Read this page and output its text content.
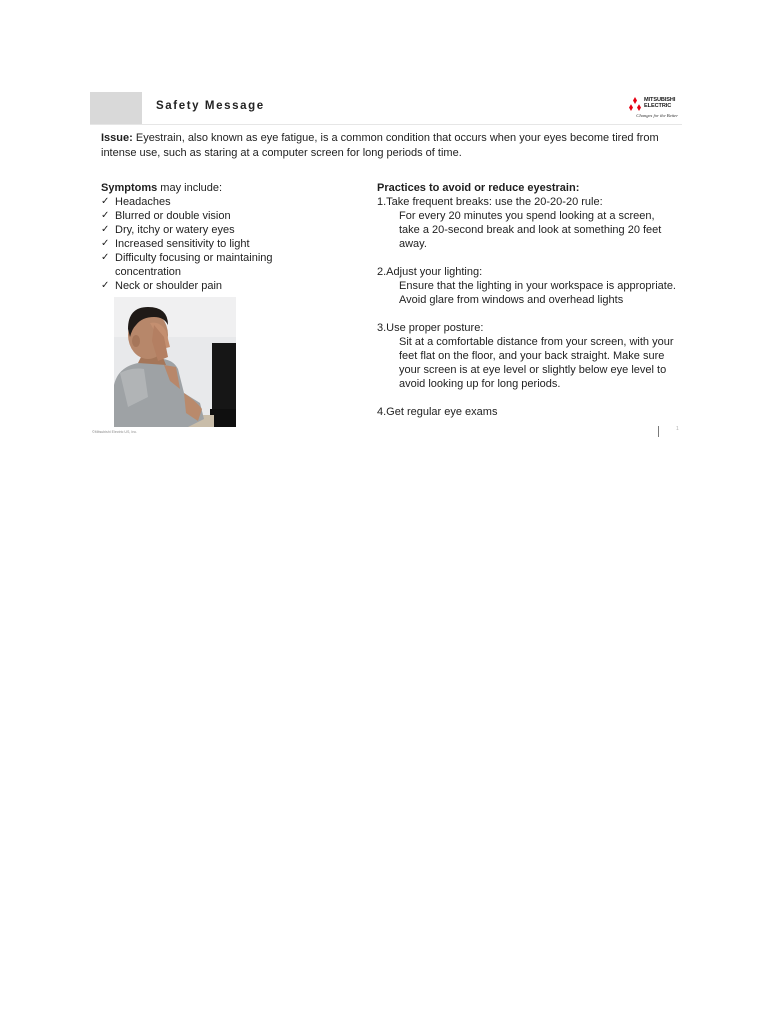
Safety Message	MITSUBISHI
ELECTRIC
Changes for the Better
Issue: Eyestrain, also known as eye fatigue, is a common condition that occurs when your eyes become tired from intense use, such as staring at a computer screen for long periods of time.
Symptoms may include:
✓ Headaches
✓ Blurred or double vision
✓ Dry, itchy or watery eyes
✓ Increased sensitivity to light
✓ Difficulty focusing or maintaining concentration
✓ Neck or shoulder pain
©Mitsubishi Electric US, Inc.
Practices to avoid or reduce eyestrain:
1.Take frequent breaks: use the 20-20-20 rule:
For every 20 minutes you spend looking at a screen, take a 20-second break and look at something 20 feet away.
2.Adjust your lighting:
Ensure that the lighting in your workspace is appropriate. Avoid glare from windows and overhead lights
3.Use proper posture:
Sit at a comfortable distance from your screen, with your feet flat on the floor, and your back straight. Make sure your screen is at eye level or slightly below eye level to avoid looking up for long periods.
4.Get regular eye exams
1
